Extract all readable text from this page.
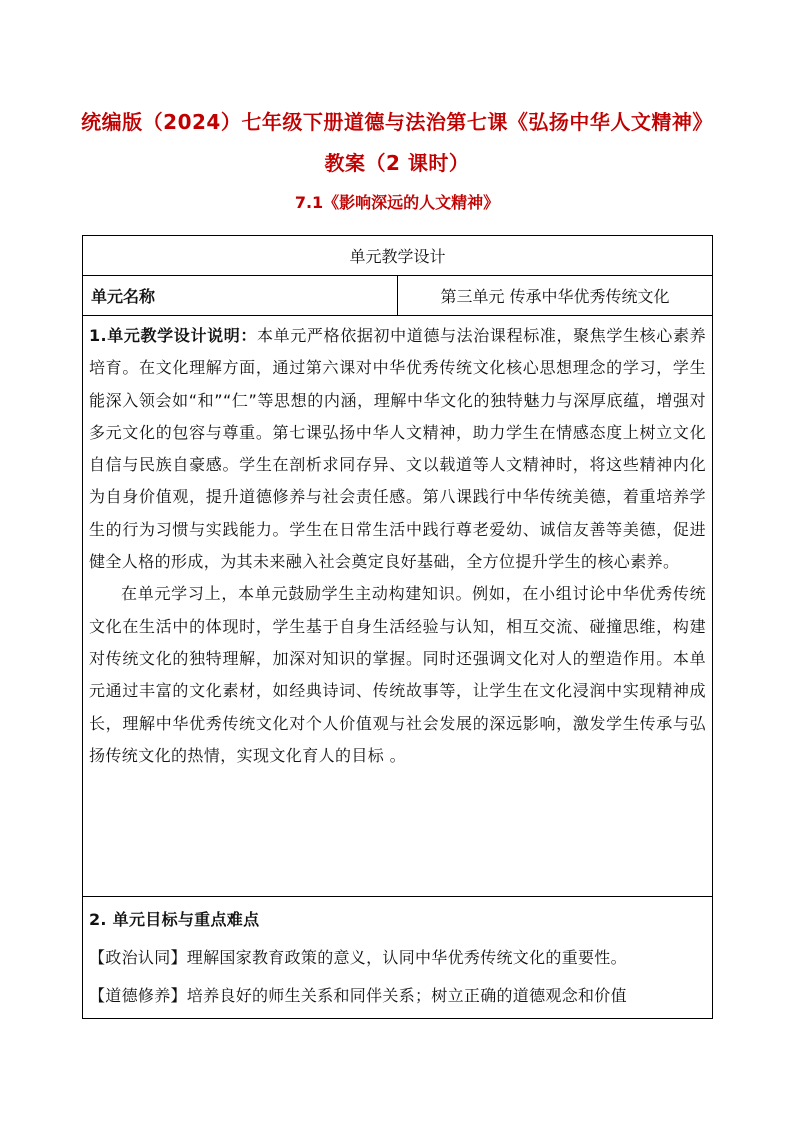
统编版（2024）七年级下册道德与法治第七课《弘扬中华人文精神》
教案（2 课时）
7.1《影响深远的人文精神》
单元教学设计
单元名称	第三单元 传承中华优秀传统文化

1.单元教学设计说明：本单元严格依据初中道德与法治课程标准，聚焦学生核心素养培育。在文化理解方面，通过第六课对中华优秀传统文化核心思想理念的学习，学生能深入领会如“和”“仁”等思想的内涵，理解中华文化的独特魅力与深厚底蕴，增强对多元文化的包容与尊重。第七课弘扬中华人文精神，助力学生在情感态度上树立文化自信与民族自豪感。学生在剖析求同存异、文以载道等人文精神时，将这些精神内化为自身价值观，提升道德修养与社会责任感。第八课践行中华传统美德，着重培养学生的行为习惯与实践能力。学生在日常生活中践行尊老爱幼、诚信友善等美德，促进健全人格的形成，为其未来融入社会奠定良好基础，全方位提升学生的核心素养。

在单元学习上，本单元鼓励学生主动构建知识。例如，在小组讨论中华优秀传统文化在生活中的体现时，学生基于自身生活经验与认知，相互交流、碰撞思维，构建对传统文化的独特理解，加深对知识的掌握。同时还强调文化对人的塑造作用。本单元通过丰富的文化素材，如经典诗词、传统故事等，让学生在文化浸润中实现精神成长，理解中华优秀传统文化对个人价值观与社会发展的深远影响，激发学生传承与弘扬传统文化的热情，实现文化育人的目标 。

2. 单元目标与重点难点

【政治认同】理解国家教育政策的意义，认同中华优秀传统文化的重要性。

【道德修养】培养良好的师生关系和同伴关系；树立正确的道德观念和价值
